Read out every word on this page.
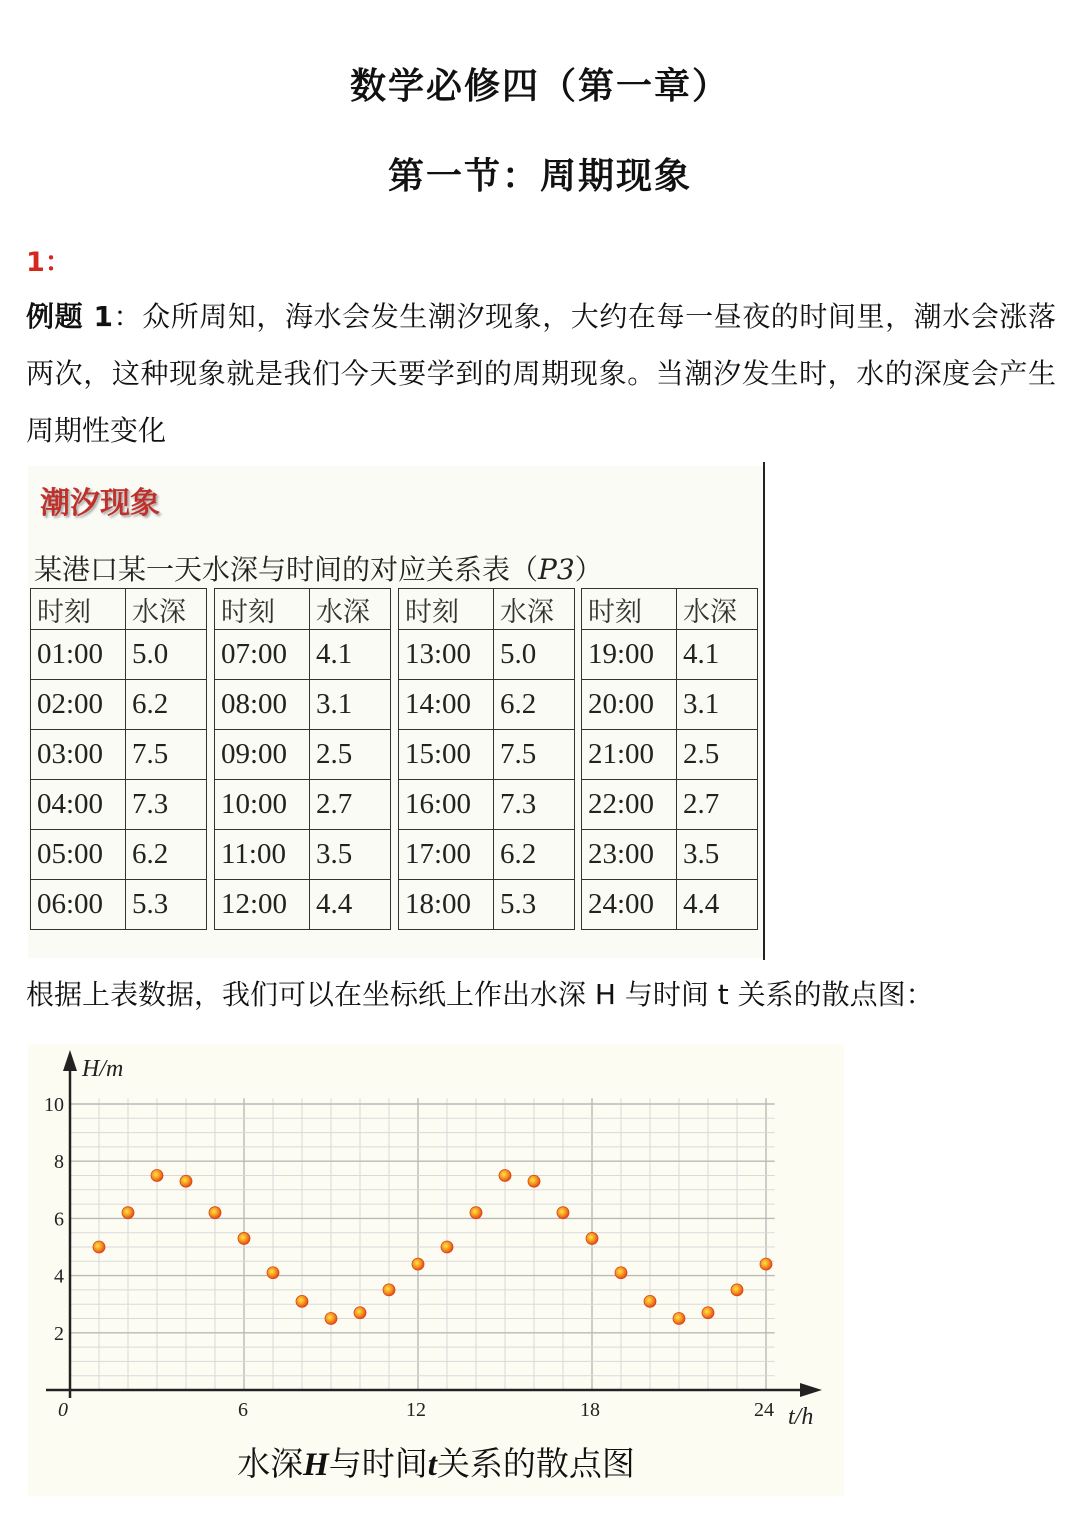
数学必修四（第一章）
第一节：周期现象
1：
例题 1：众所周知，海水会发生潮汐现象，大约在每一昼夜的时间里，潮水会涨落两次，这种现象就是我们今天要学到的周期现象。当潮汐发生时，水的深度会产生周期性变化
潮汐现象
某港口某一天水深与时间的对应关系表（P3）
时刻	水深
01:00	5.0
02:00	6.2
03:00	7.5
04:00	7.3
05:00	6.2
06:00	5.3
时刻	水深
07:00	4.1
08:00	3.1
09:00	2.5
10:00	2.7
11:00	3.5
12:00	4.4
时刻	水深
13:00	5.0
14:00	6.2
15:00	7.5
16:00	7.3
17:00	6.2
18:00	5.3
时刻	水深
19:00	4.1
20:00	3.1
21:00	2.5
22:00	2.7
23:00	3.5
24:00	4.4
根据上表数据，我们可以在坐标纸上作出水深 H 与时间 t 关系的散点图：
H/m
t/h
0	6	12	18	24
2
4
6
8
10
水深H与时间t关系的散点图
